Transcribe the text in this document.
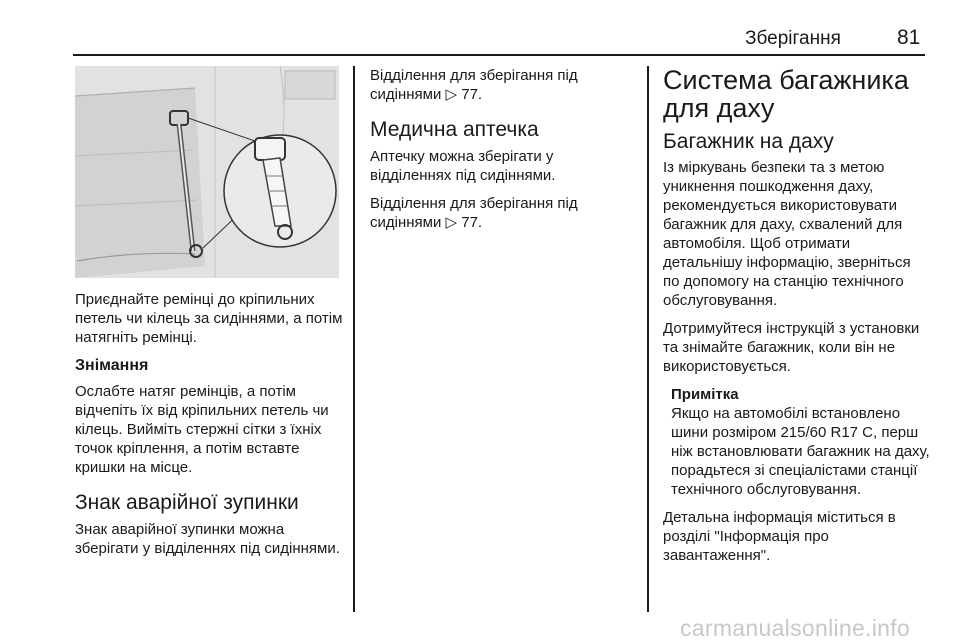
Зберігання	81

Приєднайте ремінці до кріпильних петель чи кілець за сидіннями, а потім натягніть ремінці.

Знімання

Ослабте натяг ремінців, а потім відчепіть їх від кріпильних петель чи кілець. Вийміть стержні сітки з їхніх точок кріплення, а потім вставте кришки на місце.

Знак аварійної зупинки

Знак аварійної зупинки можна зберігати у відділеннях під сидіннями.

Відділення для зберігання під сидіннями ▷ 77.

Медична аптечка

Аптечку можна зберігати у відділеннях під сидіннями.

Відділення для зберігання під сидіннями ▷ 77.

Система багажника для даху
Багажник на даху

Із міркувань безпеки та з метою уникнення пошкодження даху, рекомендується використовувати багажник для даху, схвалений для автомобіля. Щоб отримати детальнішу інформацію, зверніться по допомогу на станцію технічного обслуговування.

Дотримуйтеся інструкцій з установки та знімайте багажник, коли він не використовується.

Примітка

Якщо на автомобілі встановлено шини розміром 215/60 R17 C, перш ніж встановлювати багажник на даху, порадьтеся зі спеціалістами станції технічного обслуговування.

Детальна інформація міститься в розділі "Інформація про завантаження".

carmanualsonline.info
